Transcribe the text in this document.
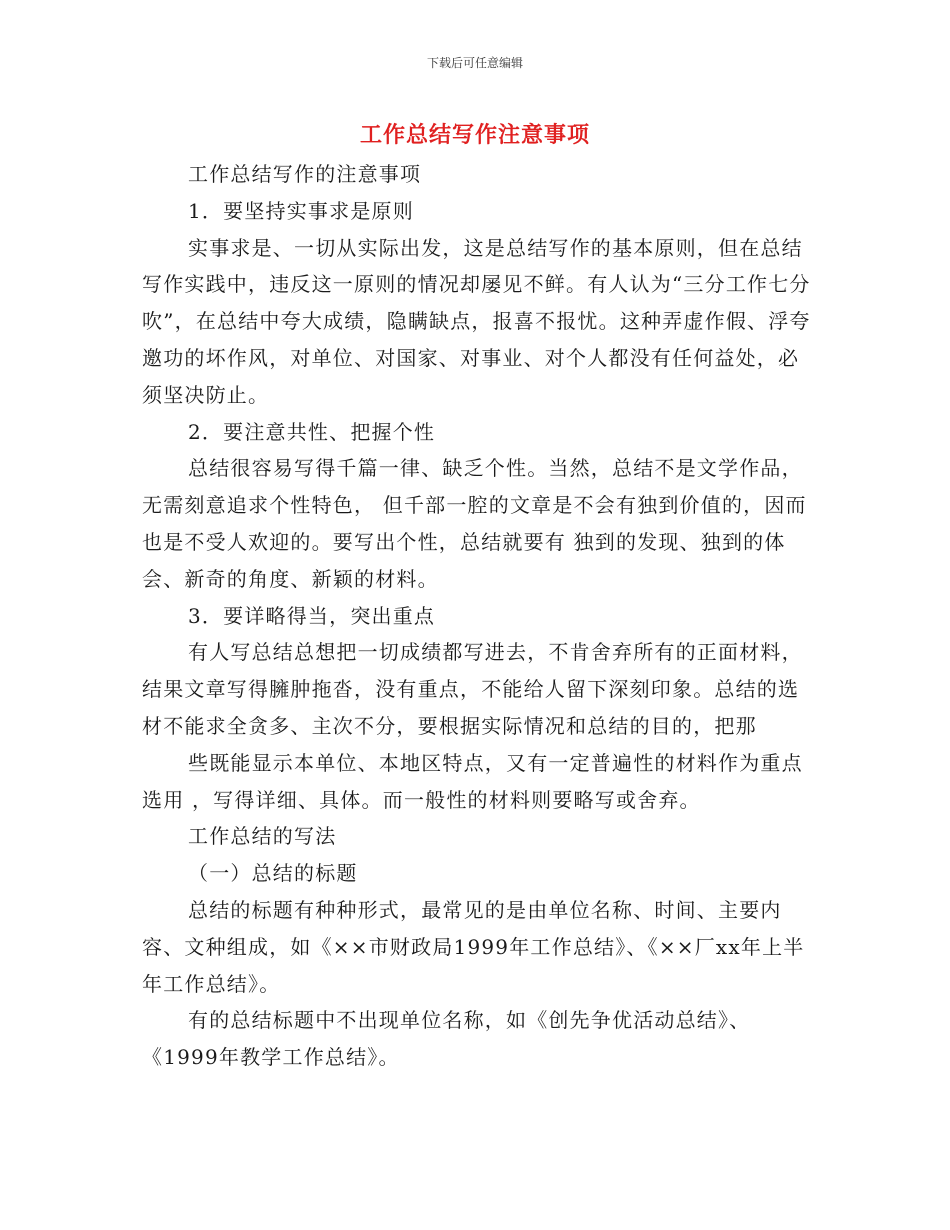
下载后可任意编辑
工作总结写作注意事项

工作总结写作的注意事项

1．要坚持实事求是原则

实事求是、一切从实际出发，这是总结写作的基本原则，但在总结写作实践中，违反这一原则的情况却屡见不鲜。有人认为“三分工作七分吹”，在总结中夸大成绩，隐瞒缺点，报喜不报忧。这种弄虚作假、浮夸邀功的坏作风，对单位、对国家、对事业、对个人都没有任何益处，必须坚决防止。

2．要注意共性、把握个性

总结很容易写得千篇一律、缺乏个性。当然，总结不是文学作品，无需刻意追求个性特色， 但千部一腔的文章是不会有独到价值的，因而也是不受人欢迎的。要写出个性，总结就要有 独到的发现、独到的体会、新奇的角度、新颖的材料。

3．要详略得当，突出重点

有人写总结总想把一切成绩都写进去，不肯舍弃所有的正面材料，结果文章写得臃肿拖沓，没有重点，不能给人留下深刻印象。总结的选材不能求全贪多、主次不分，要根据实际情况和总结的目的，把那

些既能显示本单位、本地区特点，又有一定普遍性的材料作为重点选用 ，写得详细、具体。而一般性的材料则要略写或舍弃。

工作总结的写法

（一）总结的标题

总结的标题有种种形式，最常见的是由单位名称、时间、主要内容、文种组成，如《××市财政局1999年工作总结》、《××厂xx年上半年工作总结》。

有的总结标题中不出现单位名称，如《创先争优活动总结》、《1999年教学工作总结》。
